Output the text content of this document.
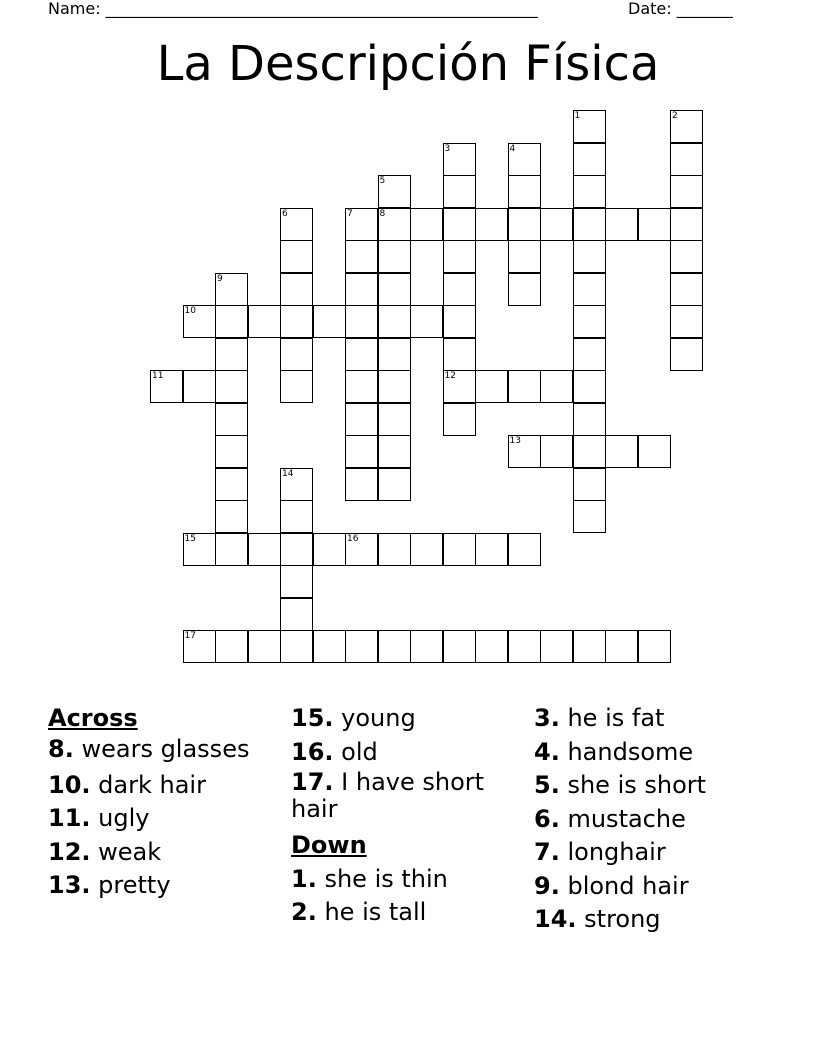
Name: ______________________________________________________	Date: _______
La Descripción Física
1	2
3	4
5
6	7	8
9
10
11	12
13
14
15	16
17
Across
8. wears glasses
10. dark hair
11. ugly
12. weak
13. pretty
15. young
16. old
17. I have short hair
Down
1. she is thin
2. he is tall
3. he is fat
4. handsome
5. she is short
6. mustache
7. longhair
9. blond hair
14. strong
